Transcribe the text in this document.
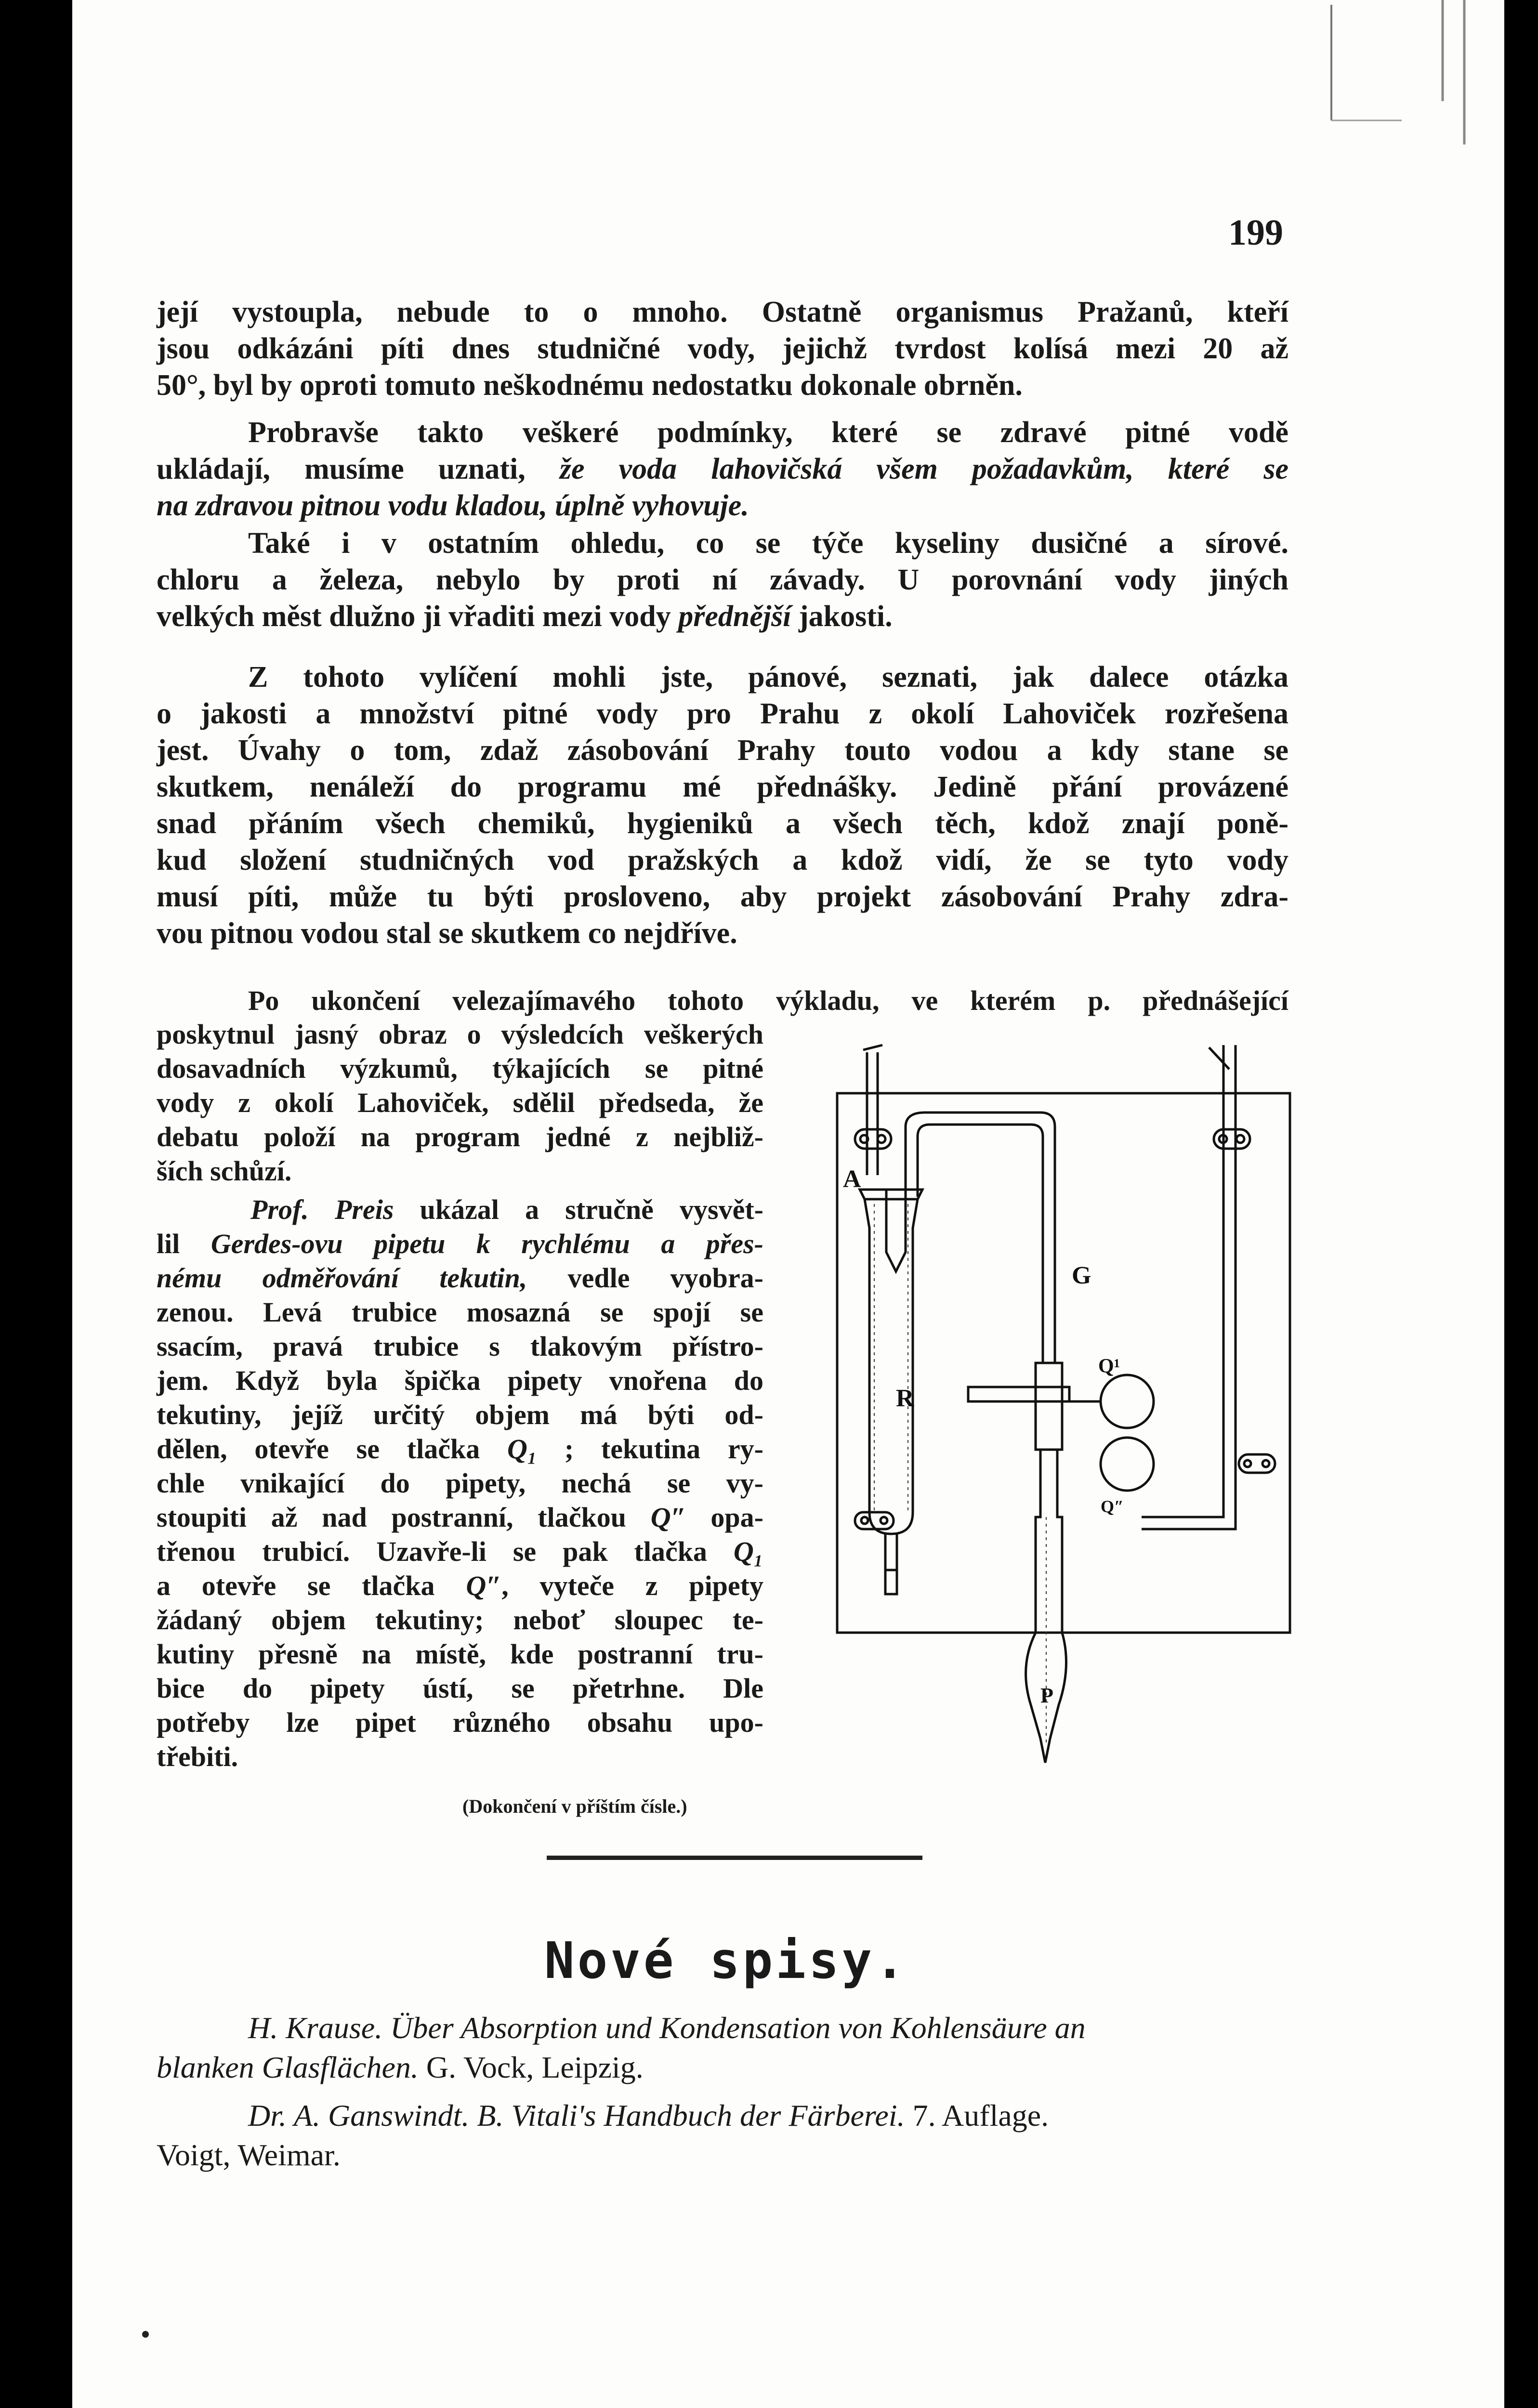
199
její vystoupla, nebude to o mnoho. Ostatně organismus Pražanů, kteří
jsou odkázáni píti dnes studničné vody, jejichž tvrdost kolísá mezi 20 až
50°, byl by oproti tomuto neškodnému nedostatku dokonale obrněn.
Probravše takto veškeré podmínky, které se zdravé pitné vodě
ukládají, musíme uznati, že voda lahovičská všem požadavkům, které se
na zdravou pitnou vodu kladou, úplně vyhovuje.
Také i v ostatním ohledu, co se týče kyseliny dusičné a sírové.
chloru a železa, nebylo by proti ní závady. U porovnání vody jiných
velkých měst dlužno ji vřaditi mezi vody přednější jakosti.
Z tohoto vylíčení mohli jste, pánové, seznati, jak dalece otázka
o jakosti a množství pitné vody pro Prahu z okolí Lahoviček rozřešena
jest. Úvahy o tom, zdaž zásobování Prahy touto vodou a kdy stane se
skutkem, nenáleží do programu mé přednášky. Jedině přání provázené
snad přáním všech chemiků, hygieniků a všech těch, kdož znají poně-
kud složení studničných vod pražských a kdož vidí, že se tyto vody
musí píti, může tu býti prosloveno, aby projekt zásobování Prahy zdra-
vou pitnou vodou stal se skutkem co nejdříve.
Po ukončení velezajímavého tohoto výkladu, ve kterém p. přednášející
poskytnul jasný obraz o výsledcích veškerých
dosavadních výzkumů, týkajících se pitné
vody z okolí Lahoviček, sdělil předseda, že
debatu položí na program jedné z nejbliž-
ších schůzí.
Prof. Preis ukázal a stručně vysvět-
lil Gerdes-ovu pipetu k rychlému a přes-
nému odměřování tekutin, vedle vyobra-
zenou. Levá trubice mosazná se spojí se
ssacím, pravá trubice s tlakovým přístro-
jem. Když byla špička pipety vnořena do
tekutiny, jejíž určitý objem má býti od-
dělen, otevře se tlačka Q₁ ; tekutina ry-
chle vnikající do pipety, nechá se vy-
stoupiti až nad postranní, tlačkou Q″ opa-
třenou trubicí. Uzavře-li se pak tlačka Q₁
a otevře se tlačka Q″, vyteče z pipety
žádaný objem tekutiny; neboť sloupec te-
kutiny přesně na místě, kde postranní tru-
bice do pipety ústí, se přetrhne. Dle
potřeby lze pipet různého obsahu upo-
třebiti.
A
G
R
Q¹
Q″
P
(Dokončení v příštím čísle.)
Nové spisy.
H. Krause. Über Absorption und Kondensation von Kohlensäure an
blanken Glasflächen. G. Vock, Leipzig.
Dr. A. Ganswindt. B. Vitali's Handbuch der Färberei. 7. Auflage.
Voigt, Weimar.
